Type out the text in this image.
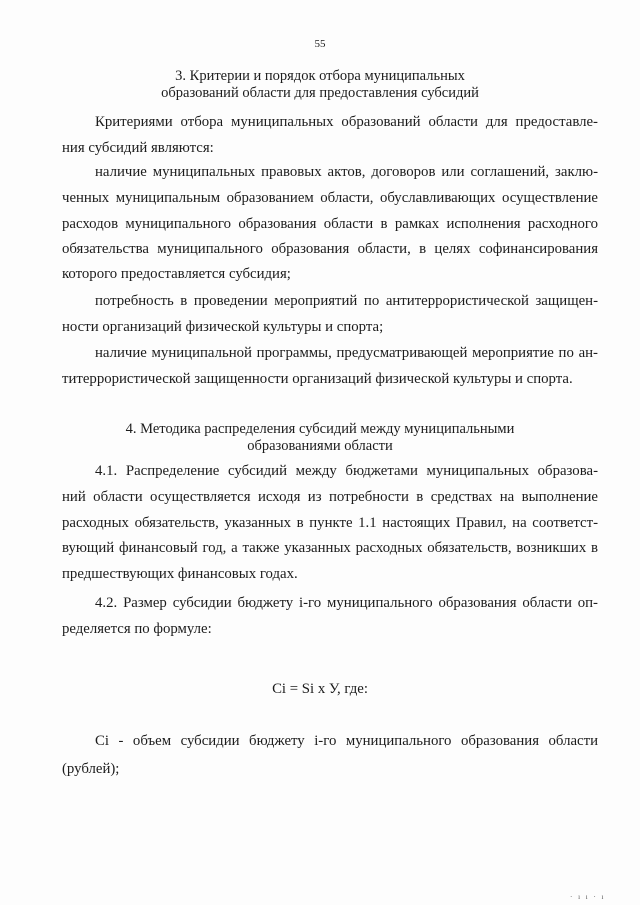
55
3. Критерии и порядок отбора муниципальных
образований области для предоставления субсидий
Критериями отбора муниципальных образований области для предоставле-
ния субсидий являются:
наличие муниципальных правовых актов, договоров или соглашений, заклю-
ченных муниципальным образованием области, обуславливающих осуществление
расходов муниципального образования области в рамках исполнения расходного
обязательства муниципального образования области, в целях софинансирования
которого предоставляется субсидия;
потребность в проведении мероприятий по антитеррористической защищен-
ности организаций физической культуры и спорта;
наличие муниципальной программы, предусматривающей мероприятие по ан-
титеррористической защищенности организаций физической культуры и спорта.
4. Методика распределения субсидий между муниципальными
образованиями области
4.1. Распределение субсидий между бюджетами муниципальных образова-
ний области осуществляется исходя из потребности в средствах на выполнение
расходных обязательств, указанных в пункте 1.1 настоящих Правил, на соответст-
вующий финансовый год, а также указанных расходных обязательств, возникших в
предшествующих финансовых годах.
4.2. Размер субсидии бюджету i-го муниципального образования области оп-
ределяется по формуле:
Ci = Si x У, где:
Ci - объем субсидии бюджету i-го муниципального образования области
(рублей);
· ı ı · ı
